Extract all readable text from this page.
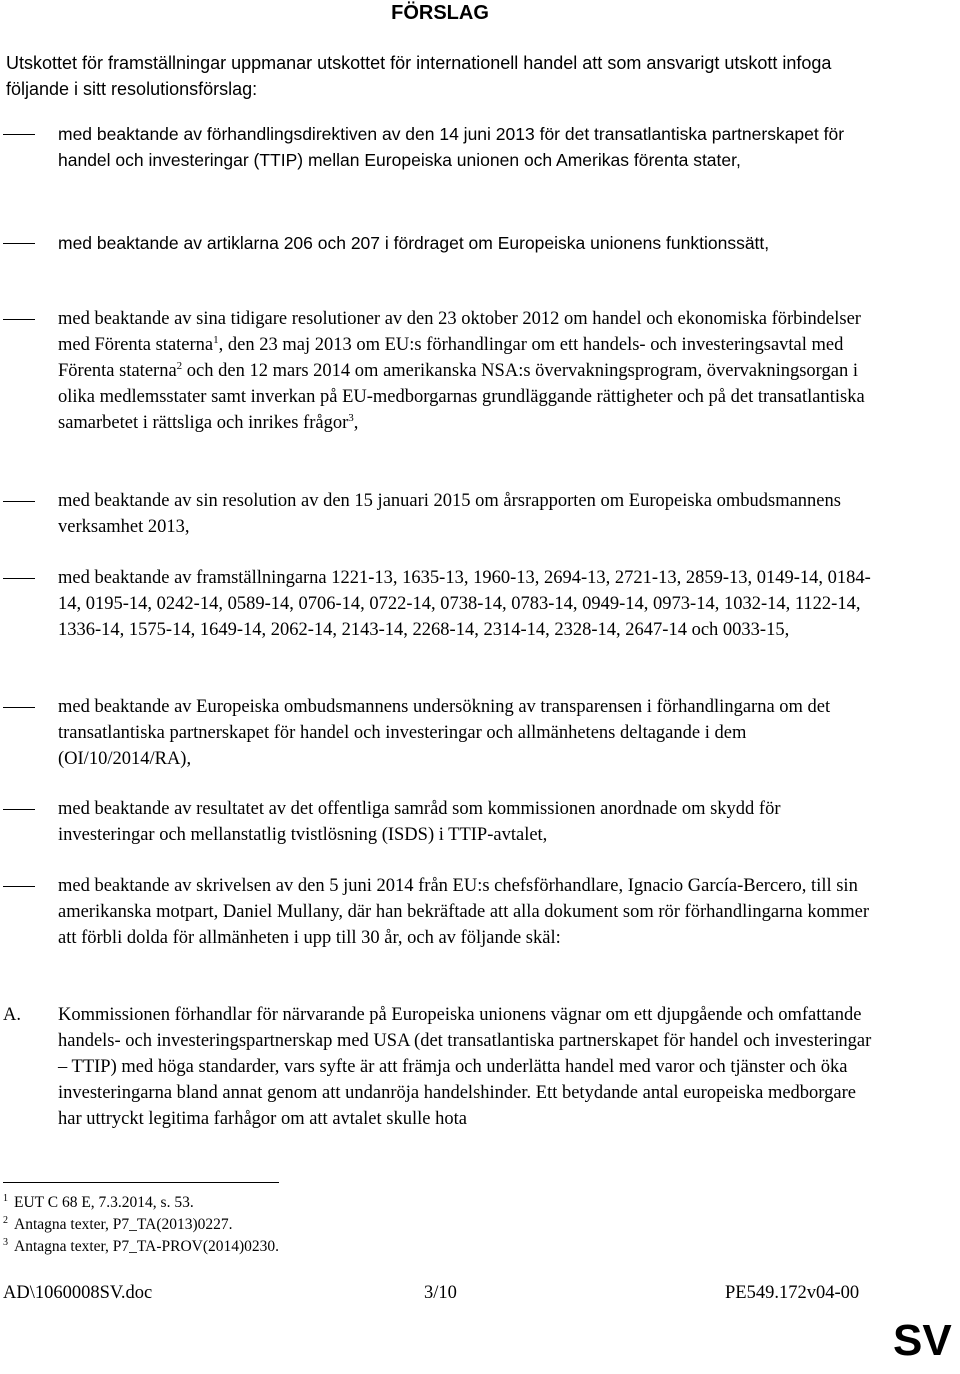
FÖRSLAG
Utskottet för framställningar uppmanar utskottet för internationell handel att som ansvarigt utskott infoga följande i sitt resolutionsförslag:
med beaktande av förhandlingsdirektiven av den 14 juni 2013 för det transatlantiska partnerskapet för handel och investeringar (TTIP) mellan Europeiska unionen och Amerikas förenta stater,
med beaktande av artiklarna 206 och 207 i fördraget om Europeiska unionens funktionssätt,
med beaktande av sina tidigare resolutioner av den 23 oktober 2012 om handel och ekonomiska förbindelser med Förenta staterna$^1$, den 23 maj 2013 om EU:s förhandlingar om ett handels- och investeringsavtal med Förenta staterna$^2$ och den 12 mars 2014 om amerikanska NSA:s övervakningsprogram, övervakningsorgan i olika medlemsstater samt inverkan på EU-medborgarnas grundläggande rättigheter och på det transatlantiska samarbetet i rättsliga och inrikes frågor$^3$,
med beaktande av sin resolution av den 15 januari 2015 om årsrapporten om Europeiska ombudsmannens verksamhet 2013,
med beaktande av framställningarna 1221-13, 1635-13, 1960-13, 2694-13, 2721-13, 2859-13, 0149-14, 0184-14, 0195-14, 0242-14, 0589-14, 0706-14, 0722-14, 0738-14, 0783-14, 0949-14, 0973-14, 1032-14, 1122-14, 1336-14, 1575-14, 1649-14, 2062-14, 2143-14, 2268-14, 2314-14, 2328-14, 2647-14 och 0033-15,
med beaktande av Europeiska ombudsmannens undersökning av transparensen i förhandlingarna om det transatlantiska partnerskapet för handel och investeringar och allmänhetens deltagande i dem (OI/10/2014/RA),
med beaktande av resultatet av det offentliga samråd som kommissionen anordnade om skydd för investeringar och mellanstatlig tvistlösning (ISDS) i TTIP-avtalet,
med beaktande av skrivelsen av den 5 juni 2014 från EU:s chefsförhandlare, Ignacio García-Bercero, till sin amerikanska motpart, Daniel Mullany, där han bekräftade att alla dokument som rör förhandlingarna kommer att förbli dolda för allmänheten i upp till 30 år, och av följande skäl:
A. Kommissionen förhandlar för närvarande på Europeiska unionens vägnar om ett djupgående och omfattande handels- och investeringspartnerskap med USA (det transatlantiska partnerskapet för handel och investeringar – TTIP) med höga standarder, vars syfte är att främja och underlätta handel med varor och tjänster och öka investeringarna bland annat genom att undanröja handelshinder. Ett betydande antal europeiska medborgare har uttryckt legitima farhågor om att avtalet skulle hota
$^1$ EUT C 68 E, 7.3.2014, s. 53.
$^2$ Antagna texter, P7_TA(2013)0227.
$^3$ Antagna texter, P7_TA-PROV(2014)0230.
AD\1060008SV.doc	3/10	PE549.172v04-00
SV
